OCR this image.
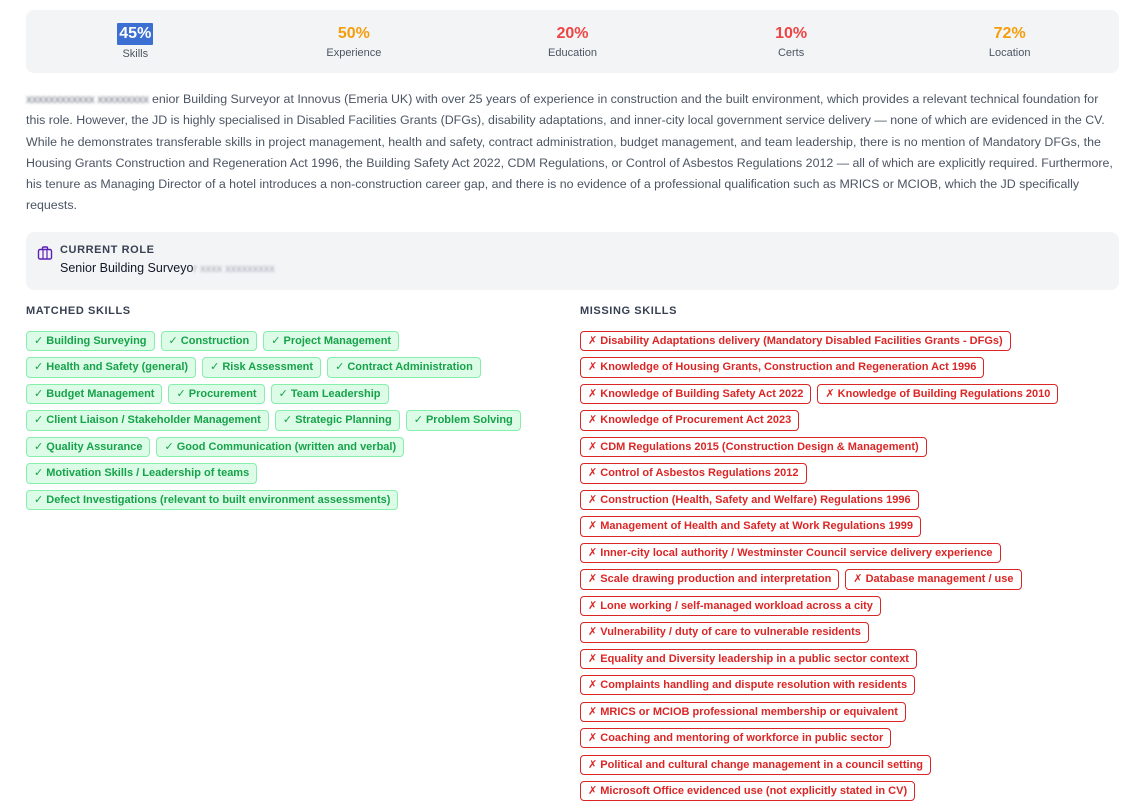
45%
Skills
50%
Experience
20%
Education
10%
Certs
72%
Location

xxxxxxxxxxxx xxxxxxxxx enior Building Surveyor at Innovus (Emeria UK) with over 25 years of experience in construction and the built environment, which provides a relevant technical foundation for this role. However, the JD is highly specialised in Disabled Facilities Grants (DFGs), disability adaptations, and inner-city local government service delivery — none of which are evidenced in the CV. While he demonstrates transferable skills in project management, health and safety, contract administration, budget management, and team leadership, there is no mention of Mandatory DFGs, the Housing Grants Construction and Regeneration Act 1996, the Building Safety Act 2022, CDM Regulations, or Control of Asbestos Regulations 2012 — all of which are explicitly required. Furthermore, his tenure as Managing Director of a hotel introduces a non-construction career gap, and there is no evidence of a professional qualification such as MRICS or MCIOB, which the JD specifically requests.

CURRENT ROLE
Senior Building Surveyor xxxx xxxxxxxxx
MATCHED SKILLS
✓ Building Surveying	✓ Construction	✓ Project Management
✓ Health and Safety (general)	✓ Risk Assessment	✓ Contract Administration
✓ Budget Management	✓ Procurement	✓ Team Leadership
✓ Client Liaison / Stakeholder Management	✓ Strategic Planning	✓ Problem Solving
✓ Quality Assurance	✓ Good Communication (written and verbal)
✓ Motivation Skills / Leadership of teams
✓ Defect Investigations (relevant to built environment assessments)
MISSING SKILLS
✗ Disability Adaptations delivery (Mandatory Disabled Facilities Grants - DFGs)
✗ Knowledge of Housing Grants, Construction and Regeneration Act 1996
✗ Knowledge of Building Safety Act 2022	✗ Knowledge of Building Regulations 2010
✗ Knowledge of Procurement Act 2023
✗ CDM Regulations 2015 (Construction Design & Management)
✗ Control of Asbestos Regulations 2012
✗ Construction (Health, Safety and Welfare) Regulations 1996
✗ Management of Health and Safety at Work Regulations 1999
✗ Inner-city local authority / Westminster Council service delivery experience
✗ Scale drawing production and interpretation	✗ Database management / use
✗ Lone working / self-managed workload across a city
✗ Vulnerability / duty of care to vulnerable residents
✗ Equality and Diversity leadership in a public sector context
✗ Complaints handling and dispute resolution with residents
✗ MRICS or MCIOB professional membership or equivalent
✗ Coaching and mentoring of workforce in public sector
✗ Political and cultural change management in a council setting
✗ Microsoft Office evidenced use (not explicitly stated in CV)
